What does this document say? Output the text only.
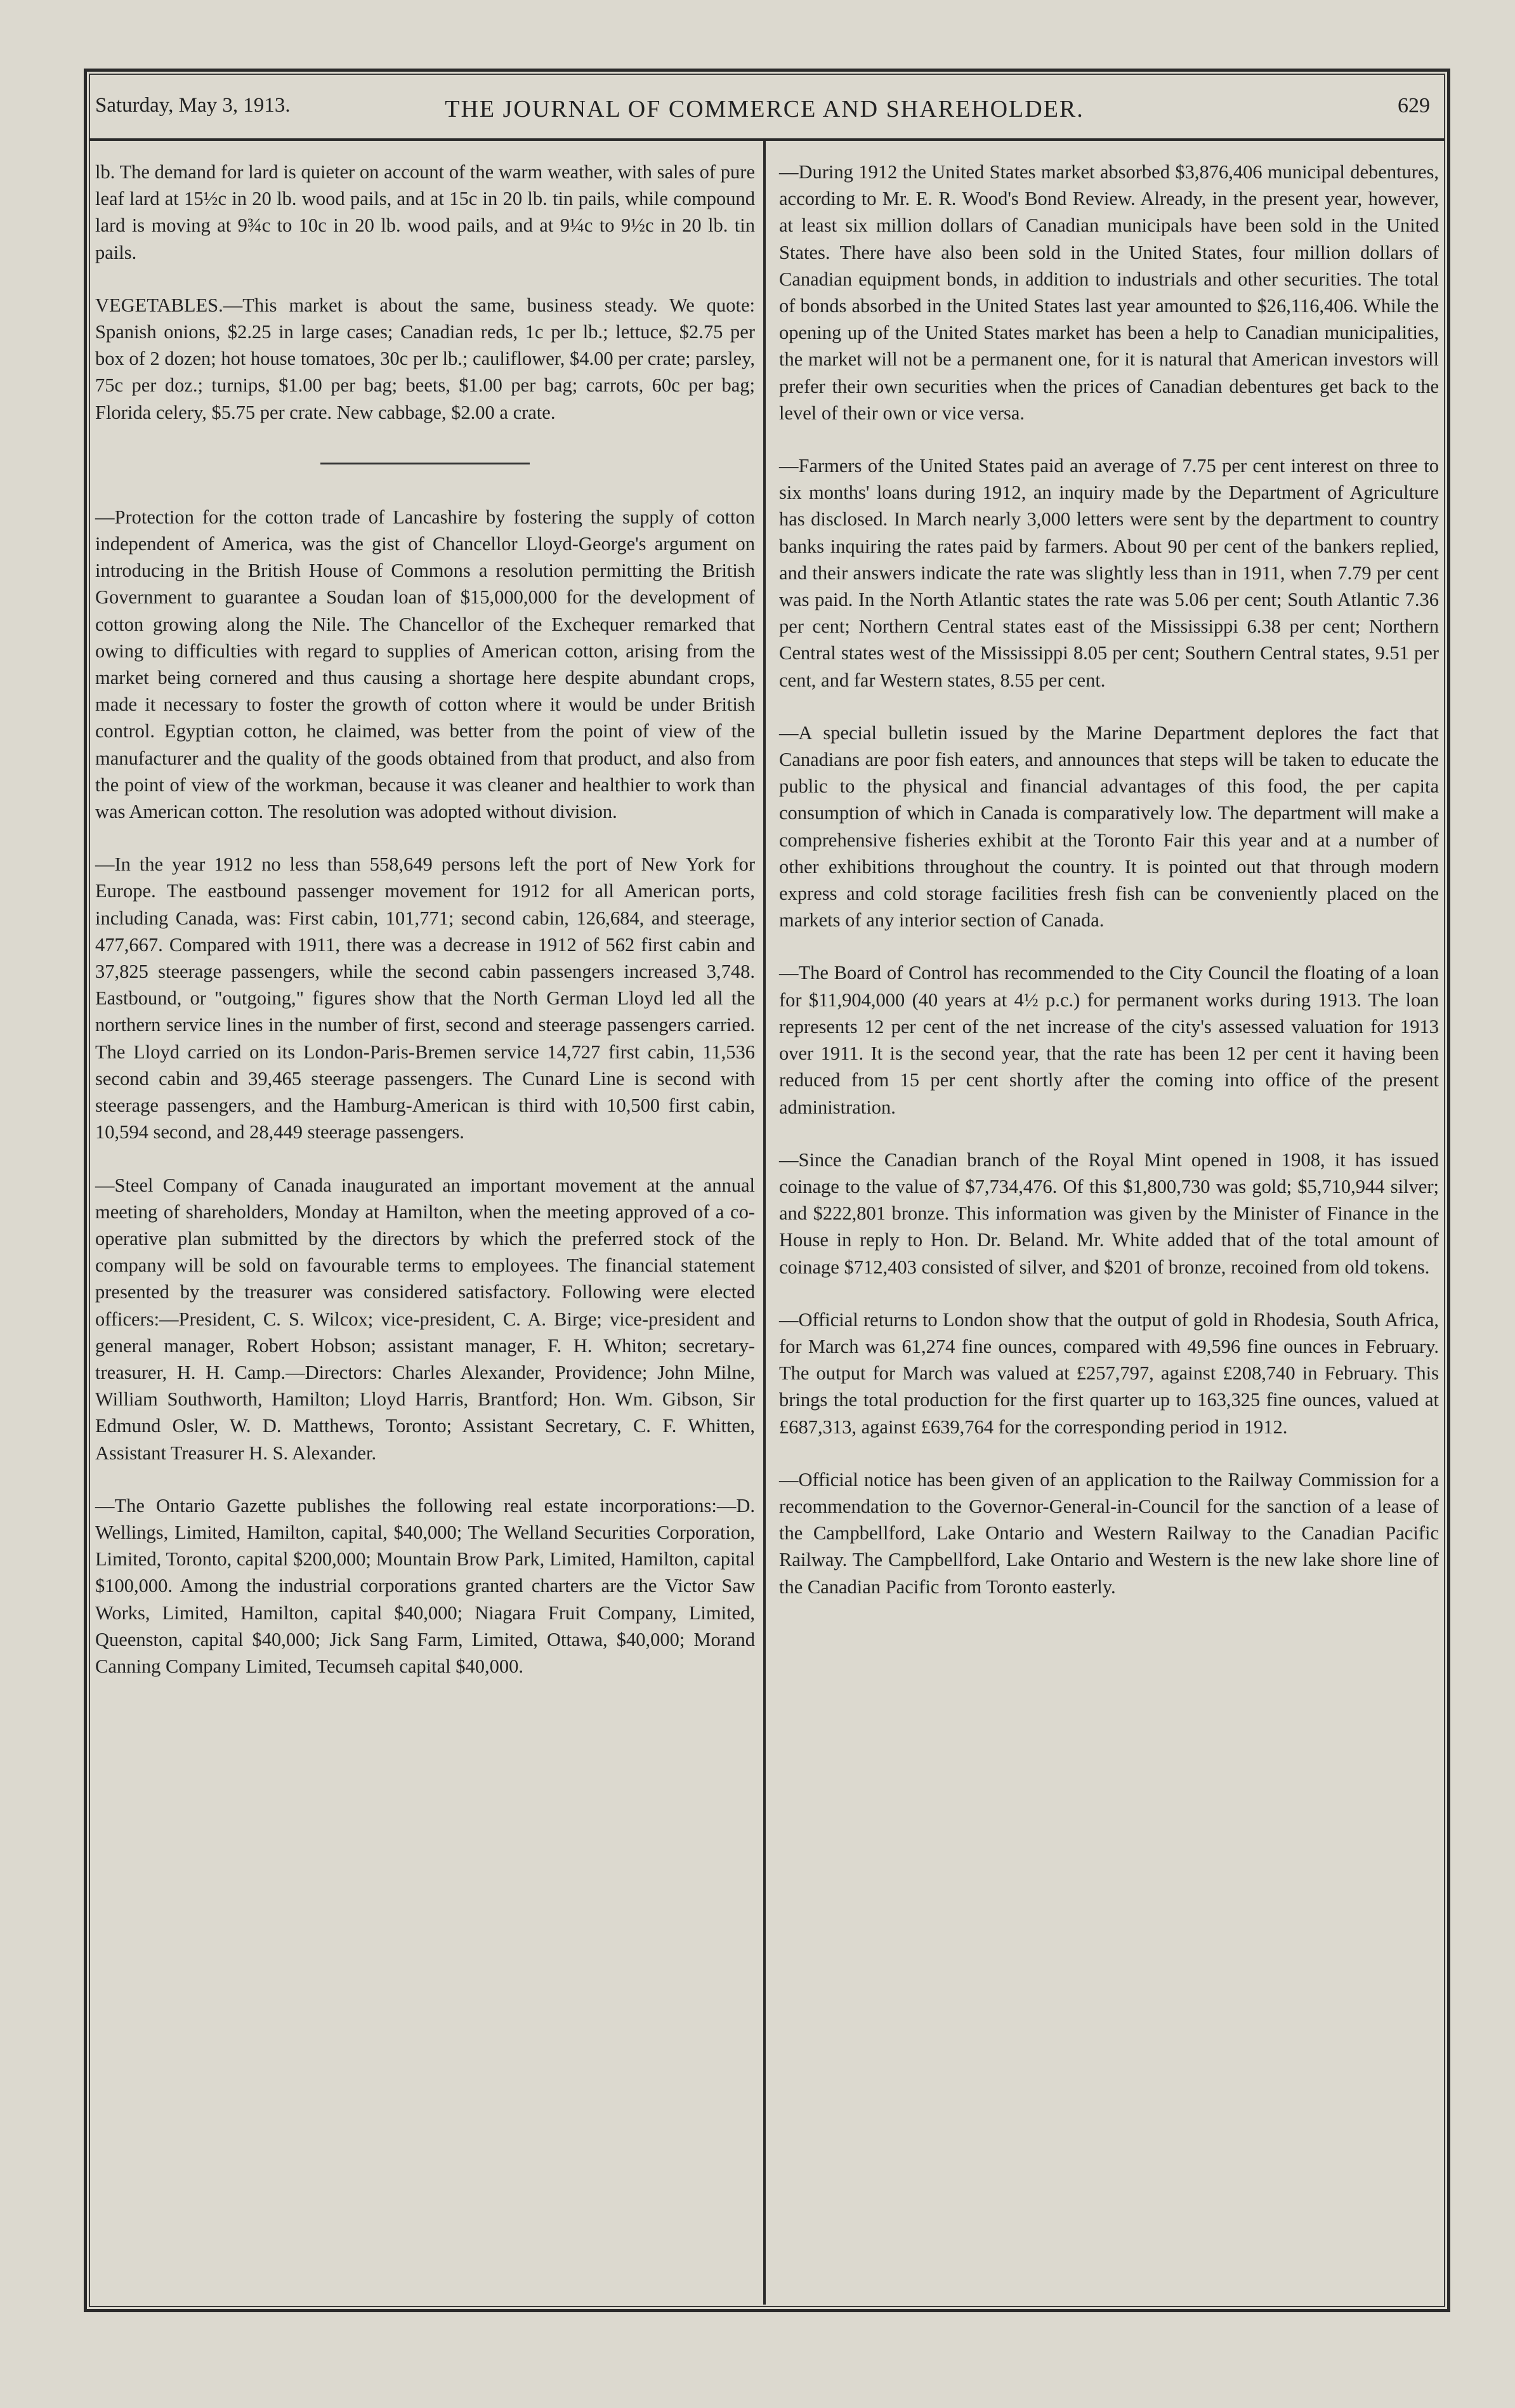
Saturday, May 3, 1913.	THE JOURNAL OF COMMERCE AND SHAREHOLDER.	629

lb. The demand for lard is quieter on account of the warm weather, with sales of pure leaf lard at 15½c in 20 lb. wood pails, and at 15c in 20 lb. tin pails, while compound lard is moving at 9¾c to 10c in 20 lb. wood pails, and at 9¼c to 9½c in 20 lb. tin pails.

VEGETABLES.—This market is about the same, business steady. We quote: Spanish onions, $2.25 in large cases; Canadian reds, 1c per lb.; lettuce, $2.75 per box of 2 dozen; hot house tomatoes, 30c per lb.; cauliflower, $4.00 per crate; parsley, 75c per doz.; turnips, $1.00 per bag; beets, $1.00 per bag; carrots, 60c per bag; Florida celery, $5.75 per crate. New cabbage, $2.00 a crate.

—Protection for the cotton trade of Lancashire by fostering the supply of cotton independent of America, was the gist of Chancellor Lloyd-George's argument on introducing in the British House of Commons a resolution permitting the British Government to guarantee a Soudan loan of $15,000,000 for the development of cotton growing along the Nile. The Chancellor of the Exchequer remarked that owing to difficulties with regard to supplies of American cotton, arising from the market being cornered and thus causing a shortage here despite abundant crops, made it necessary to foster the growth of cotton where it would be under British control. Egyptian cotton, he claimed, was better from the point of view of the manufacturer and the quality of the goods obtained from that product, and also from the point of view of the workman, because it was cleaner and healthier to work than was American cotton. The resolution was adopted without division.

—In the year 1912 no less than 558,649 persons left the port of New York for Europe. The eastbound passenger movement for 1912 for all American ports, including Canada, was: First cabin, 101,771; second cabin, 126,684, and steerage, 477,667. Compared with 1911, there was a decrease in 1912 of 562 first cabin and 37,825 steerage passengers, while the second cabin passengers increased 3,748. Eastbound, or "outgoing," figures show that the North German Lloyd led all the northern service lines in the number of first, second and steerage passengers carried. The Lloyd carried on its London-Paris-Bremen service 14,727 first cabin, 11,536 second cabin and 39,465 steerage passengers. The Cunard Line is second with steerage passengers, and the Hamburg-American is third with 10,500 first cabin, 10,594 second, and 28,449 steerage passengers.

—Steel Company of Canada inaugurated an important movement at the annual meeting of shareholders, Monday at Hamilton, when the meeting approved of a co-operative plan submitted by the directors by which the preferred stock of the company will be sold on favourable terms to employees. The financial statement presented by the treasurer was considered satisfactory. Following were elected officers:—President, C. S. Wilcox; vice-president, C. A. Birge; vice-president and general manager, Robert Hobson; assistant manager, F. H. Whiton; secretary-treasurer, H. H. Camp.—Directors: Charles Alexander, Providence; John Milne, William Southworth, Hamilton; Lloyd Harris, Brantford; Hon. Wm. Gibson, Sir Edmund Osler, W. D. Matthews, Toronto; Assistant Secretary, C. F. Whitten, Assistant Treasurer H. S. Alexander.

—The Ontario Gazette publishes the following real estate incorporations:—D. Wellings, Limited, Hamilton, capital, $40,000; The Welland Securities Corporation, Limited, Toronto, capital $200,000; Mountain Brow Park, Limited, Hamilton, capital $100,000. Among the industrial corporations granted charters are the Victor Saw Works, Limited, Hamilton, capital $40,000; Niagara Fruit Company, Limited, Queenston, capital $40,000; Jick Sang Farm, Limited, Ottawa, $40,000; Morand Canning Company Limited, Tecumseh capital $40,000.

—During 1912 the United States market absorbed $3,876,406 municipal debentures, according to Mr. E. R. Wood's Bond Review. Already, in the present year, however, at least six million dollars of Canadian municipals have been sold in the United States. There have also been sold in the United States, four million dollars of Canadian equipment bonds, in addition to industrials and other securities. The total of bonds absorbed in the United States last year amounted to $26,116,406. While the opening up of the United States market has been a help to Canadian municipalities, the market will not be a permanent one, for it is natural that American investors will prefer their own securities when the prices of Canadian debentures get back to the level of their own or vice versa.

—Farmers of the United States paid an average of 7.75 per cent interest on three to six months' loans during 1912, an inquiry made by the Department of Agriculture has disclosed. In March nearly 3,000 letters were sent by the department to country banks inquiring the rates paid by farmers. About 90 per cent of the bankers replied, and their answers indicate the rate was slightly less than in 1911, when 7.79 per cent was paid. In the North Atlantic states the rate was 5.06 per cent; South Atlantic 7.36 per cent; Northern Central states east of the Mississippi 6.38 per cent; Northern Central states west of the Mississippi 8.05 per cent; Southern Central states, 9.51 per cent, and far Western states, 8.55 per cent.

—A special bulletin issued by the Marine Department deplores the fact that Canadians are poor fish eaters, and announces that steps will be taken to educate the public to the physical and financial advantages of this food, the per capita consumption of which in Canada is comparatively low. The department will make a comprehensive fisheries exhibit at the Toronto Fair this year and at a number of other exhibitions throughout the country. It is pointed out that through modern express and cold storage facilities fresh fish can be conveniently placed on the markets of any interior section of Canada.

—The Board of Control has recommended to the City Council the floating of a loan for $11,904,000 (40 years at 4½ p.c.) for permanent works during 1913. The loan represents 12 per cent of the net increase of the city's assessed valuation for 1913 over 1911. It is the second year, that the rate has been 12 per cent it having been reduced from 15 per cent shortly after the coming into office of the present administration.

—Since the Canadian branch of the Royal Mint opened in 1908, it has issued coinage to the value of $7,734,476. Of this $1,800,730 was gold; $5,710,944 silver; and $222,801 bronze. This information was given by the Minister of Finance in the House in reply to Hon. Dr. Beland. Mr. White added that of the total amount of coinage $712,403 consisted of silver, and $201 of bronze, recoined from old tokens.

—Official returns to London show that the output of gold in Rhodesia, South Africa, for March was 61,274 fine ounces, compared with 49,596 fine ounces in February. The output for March was valued at £257,797, against £208,740 in February. This brings the total production for the first quarter up to 163,325 fine ounces, valued at £687,313, against £639,764 for the corresponding period in 1912.

—Official notice has been given of an application to the Railway Commission for a recommendation to the Governor-General-in-Council for the sanction of a lease of the Campbellford, Lake Ontario and Western Railway to the Canadian Pacific Railway. The Campbellford, Lake Ontario and Western is the new lake shore line of the Canadian Pacific from Toronto easterly.
